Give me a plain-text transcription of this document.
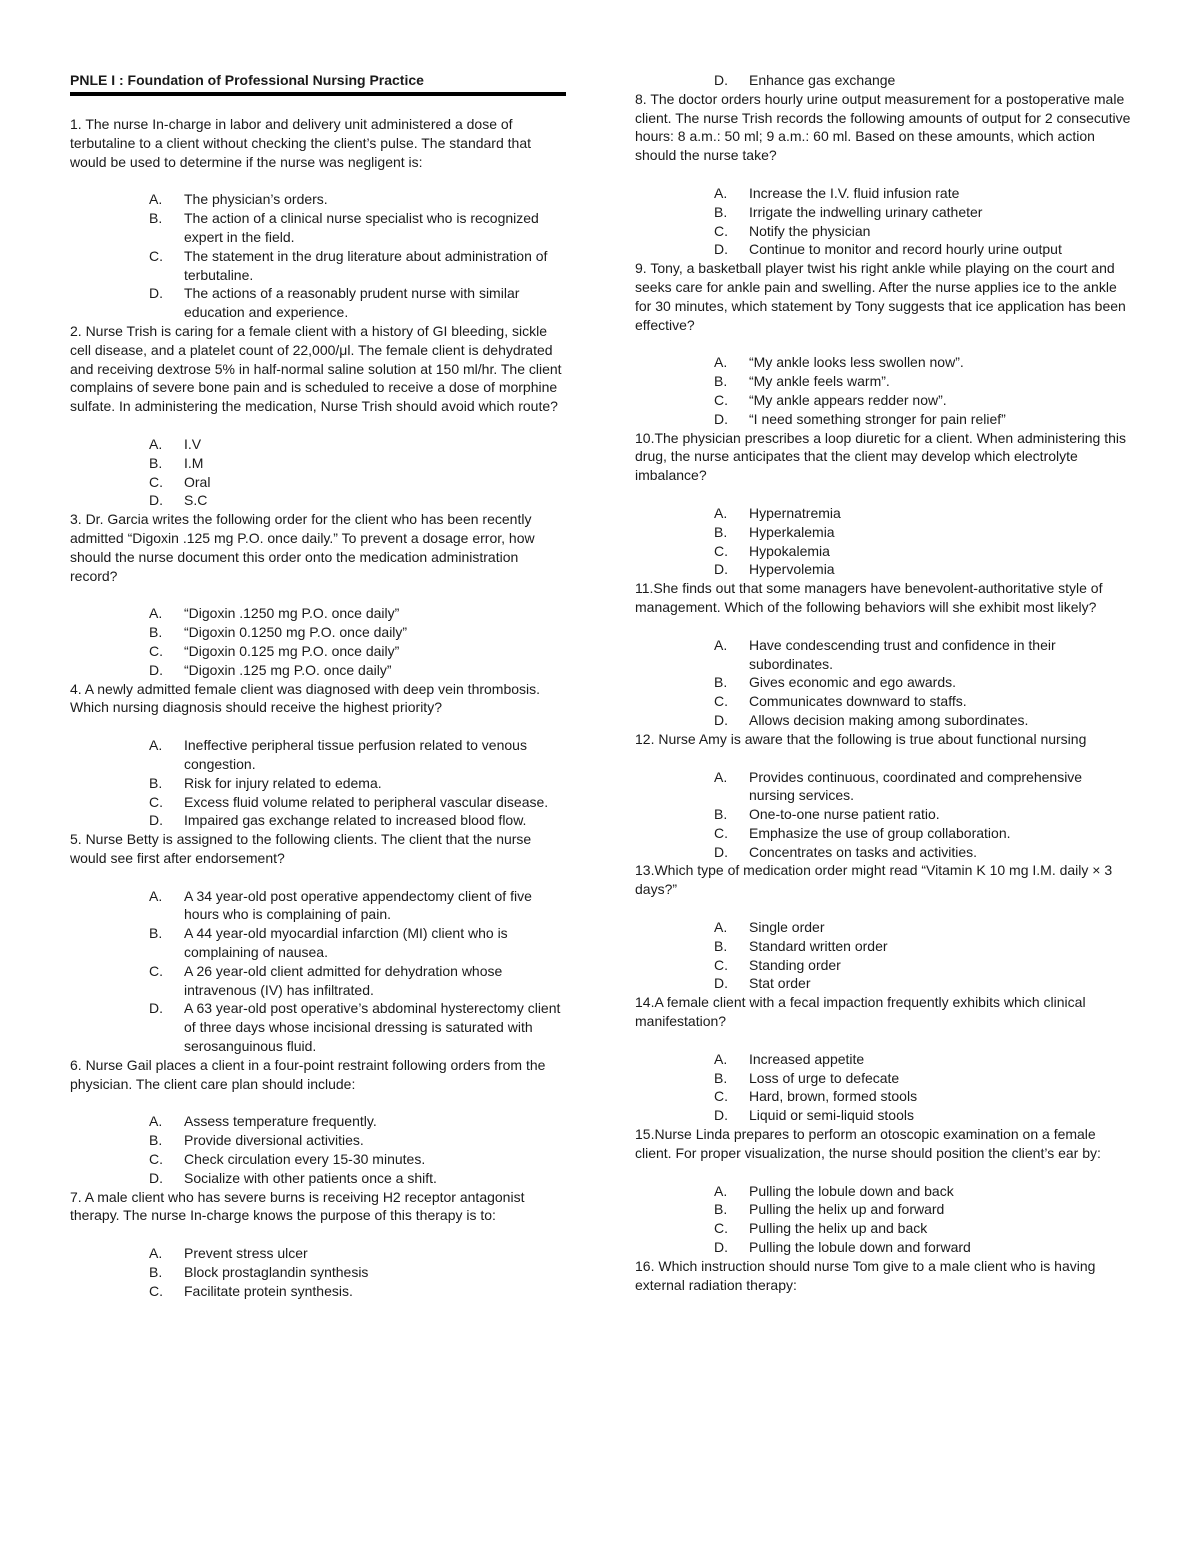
PNLE I : Foundation of Professional Nursing Practice

1. The nurse In-charge in labor and delivery unit administered a dose of terbutaline to a client without checking the client’s pulse. The standard that would be used to determine if the nurse was negligent is:

A.	The physician’s orders.
B.	The action of a clinical nurse specialist who is recognized expert in the field.
C.	The statement in the drug literature about administration of terbutaline.
D.	The actions of a reasonably prudent nurse with similar education and experience.

2. Nurse Trish is caring for a female client with a history of GI bleeding, sickle cell disease, and a platelet count of 22,000/μl. The female client is dehydrated and receiving dextrose 5% in half-normal saline solution at 150 ml/hr. The client complains of severe bone pain and is scheduled to receive a dose of morphine sulfate. In administering the medication, Nurse Trish should avoid which route?

A.	I.V
B.	I.M
C.	Oral
D.	S.C

3. Dr. Garcia writes the following order for the client who has been recently admitted “Digoxin .125 mg P.O. once daily.” To prevent a dosage error, how should the nurse document this order onto the medication administration record?

A.	“Digoxin .1250 mg P.O. once daily”
B.	“Digoxin 0.1250 mg P.O. once daily”
C.	“Digoxin 0.125 mg P.O. once daily”
D.	“Digoxin .125 mg P.O. once daily”

4. A newly admitted female client was diagnosed with deep vein thrombosis. Which nursing diagnosis should receive the highest priority?

A.	Ineffective peripheral tissue perfusion related to venous congestion.
B.	Risk for injury related to edema.
C.	Excess fluid volume related to peripheral vascular disease.
D.	Impaired gas exchange related to increased blood flow.

5. Nurse Betty is assigned to the following clients. The client that the nurse would see first after endorsement?

A.	A 34 year-old post operative appendectomy client of five hours who is complaining of pain.
B.	A 44 year-old myocardial infarction (MI) client who is complaining of nausea.
C.	A 26 year-old client admitted for dehydration whose intravenous (IV) has infiltrated.
D.	A 63 year-old post operative’s abdominal hysterectomy client of three days whose incisional dressing is saturated with serosanguinous fluid.

6. Nurse Gail places a client in a four-point restraint following orders from the physician. The client care plan should include:

A.	Assess temperature frequently.
B.	Provide diversional activities.
C.	Check circulation every 15-30 minutes.
D.	Socialize with other patients once a shift.

7. A male client who has severe burns is receiving H2 receptor antagonist therapy. The nurse In-charge knows the purpose of this therapy is to:

A.	Prevent stress ulcer
B.	Block prostaglandin synthesis
C.	Facilitate protein synthesis.
D.	Enhance gas exchange

8. The doctor orders hourly urine output measurement for a postoperative male client. The nurse Trish records the following amounts of output for 2 consecutive hours: 8 a.m.: 50 ml; 9 a.m.: 60 ml. Based on these amounts, which action should the nurse take?

A.	Increase the I.V. fluid infusion rate
B.	Irrigate the indwelling urinary catheter
C.	Notify the physician
D.	Continue to monitor and record hourly urine output

9. Tony, a basketball player twist his right ankle while playing on the court and seeks care for ankle pain and swelling. After the nurse applies ice to the ankle for 30 minutes, which statement by Tony suggests that ice application has been effective?

A.	“My ankle looks less swollen now”.
B.	“My ankle feels warm”.
C.	“My ankle appears redder now”.
D.	“I need something stronger for pain relief”

10.The physician prescribes a loop diuretic for a client. When administering this drug, the nurse anticipates that the client may develop which electrolyte imbalance?

A.	Hypernatremia
B.	Hyperkalemia
C.	Hypokalemia
D.	Hypervolemia

11.She finds out that some managers have benevolent-authoritative style of management. Which of the following behaviors will she exhibit most likely?

A.	Have condescending trust and confidence in their subordinates.
B.	Gives economic and ego awards.
C.	Communicates downward to staffs.
D.	Allows decision making among subordinates.

12. Nurse Amy is aware that the following is true about functional nursing

A.	Provides continuous, coordinated and comprehensive nursing services.
B.	One-to-one nurse patient ratio.
C.	Emphasize the use of group collaboration.
D.	Concentrates on tasks and activities.

13.Which type of medication order might read “Vitamin K 10 mg I.M. daily × 3 days?”

A.	Single order
B.	Standard written order
C.	Standing order
D.	Stat order

14.A female client with a fecal impaction frequently exhibits which clinical manifestation?

A.	Increased appetite
B.	Loss of urge to defecate
C.	Hard, brown, formed stools
D.	Liquid or semi-liquid stools

15.Nurse Linda prepares to perform an otoscopic examination on a female client. For proper visualization, the nurse should position the client’s ear by:

A.	Pulling the lobule down and back
B.	Pulling the helix up and forward
C.	Pulling the helix up and back
D.	Pulling the lobule down and forward

16. Which instruction should nurse Tom give to a male client who is having external radiation therapy:
